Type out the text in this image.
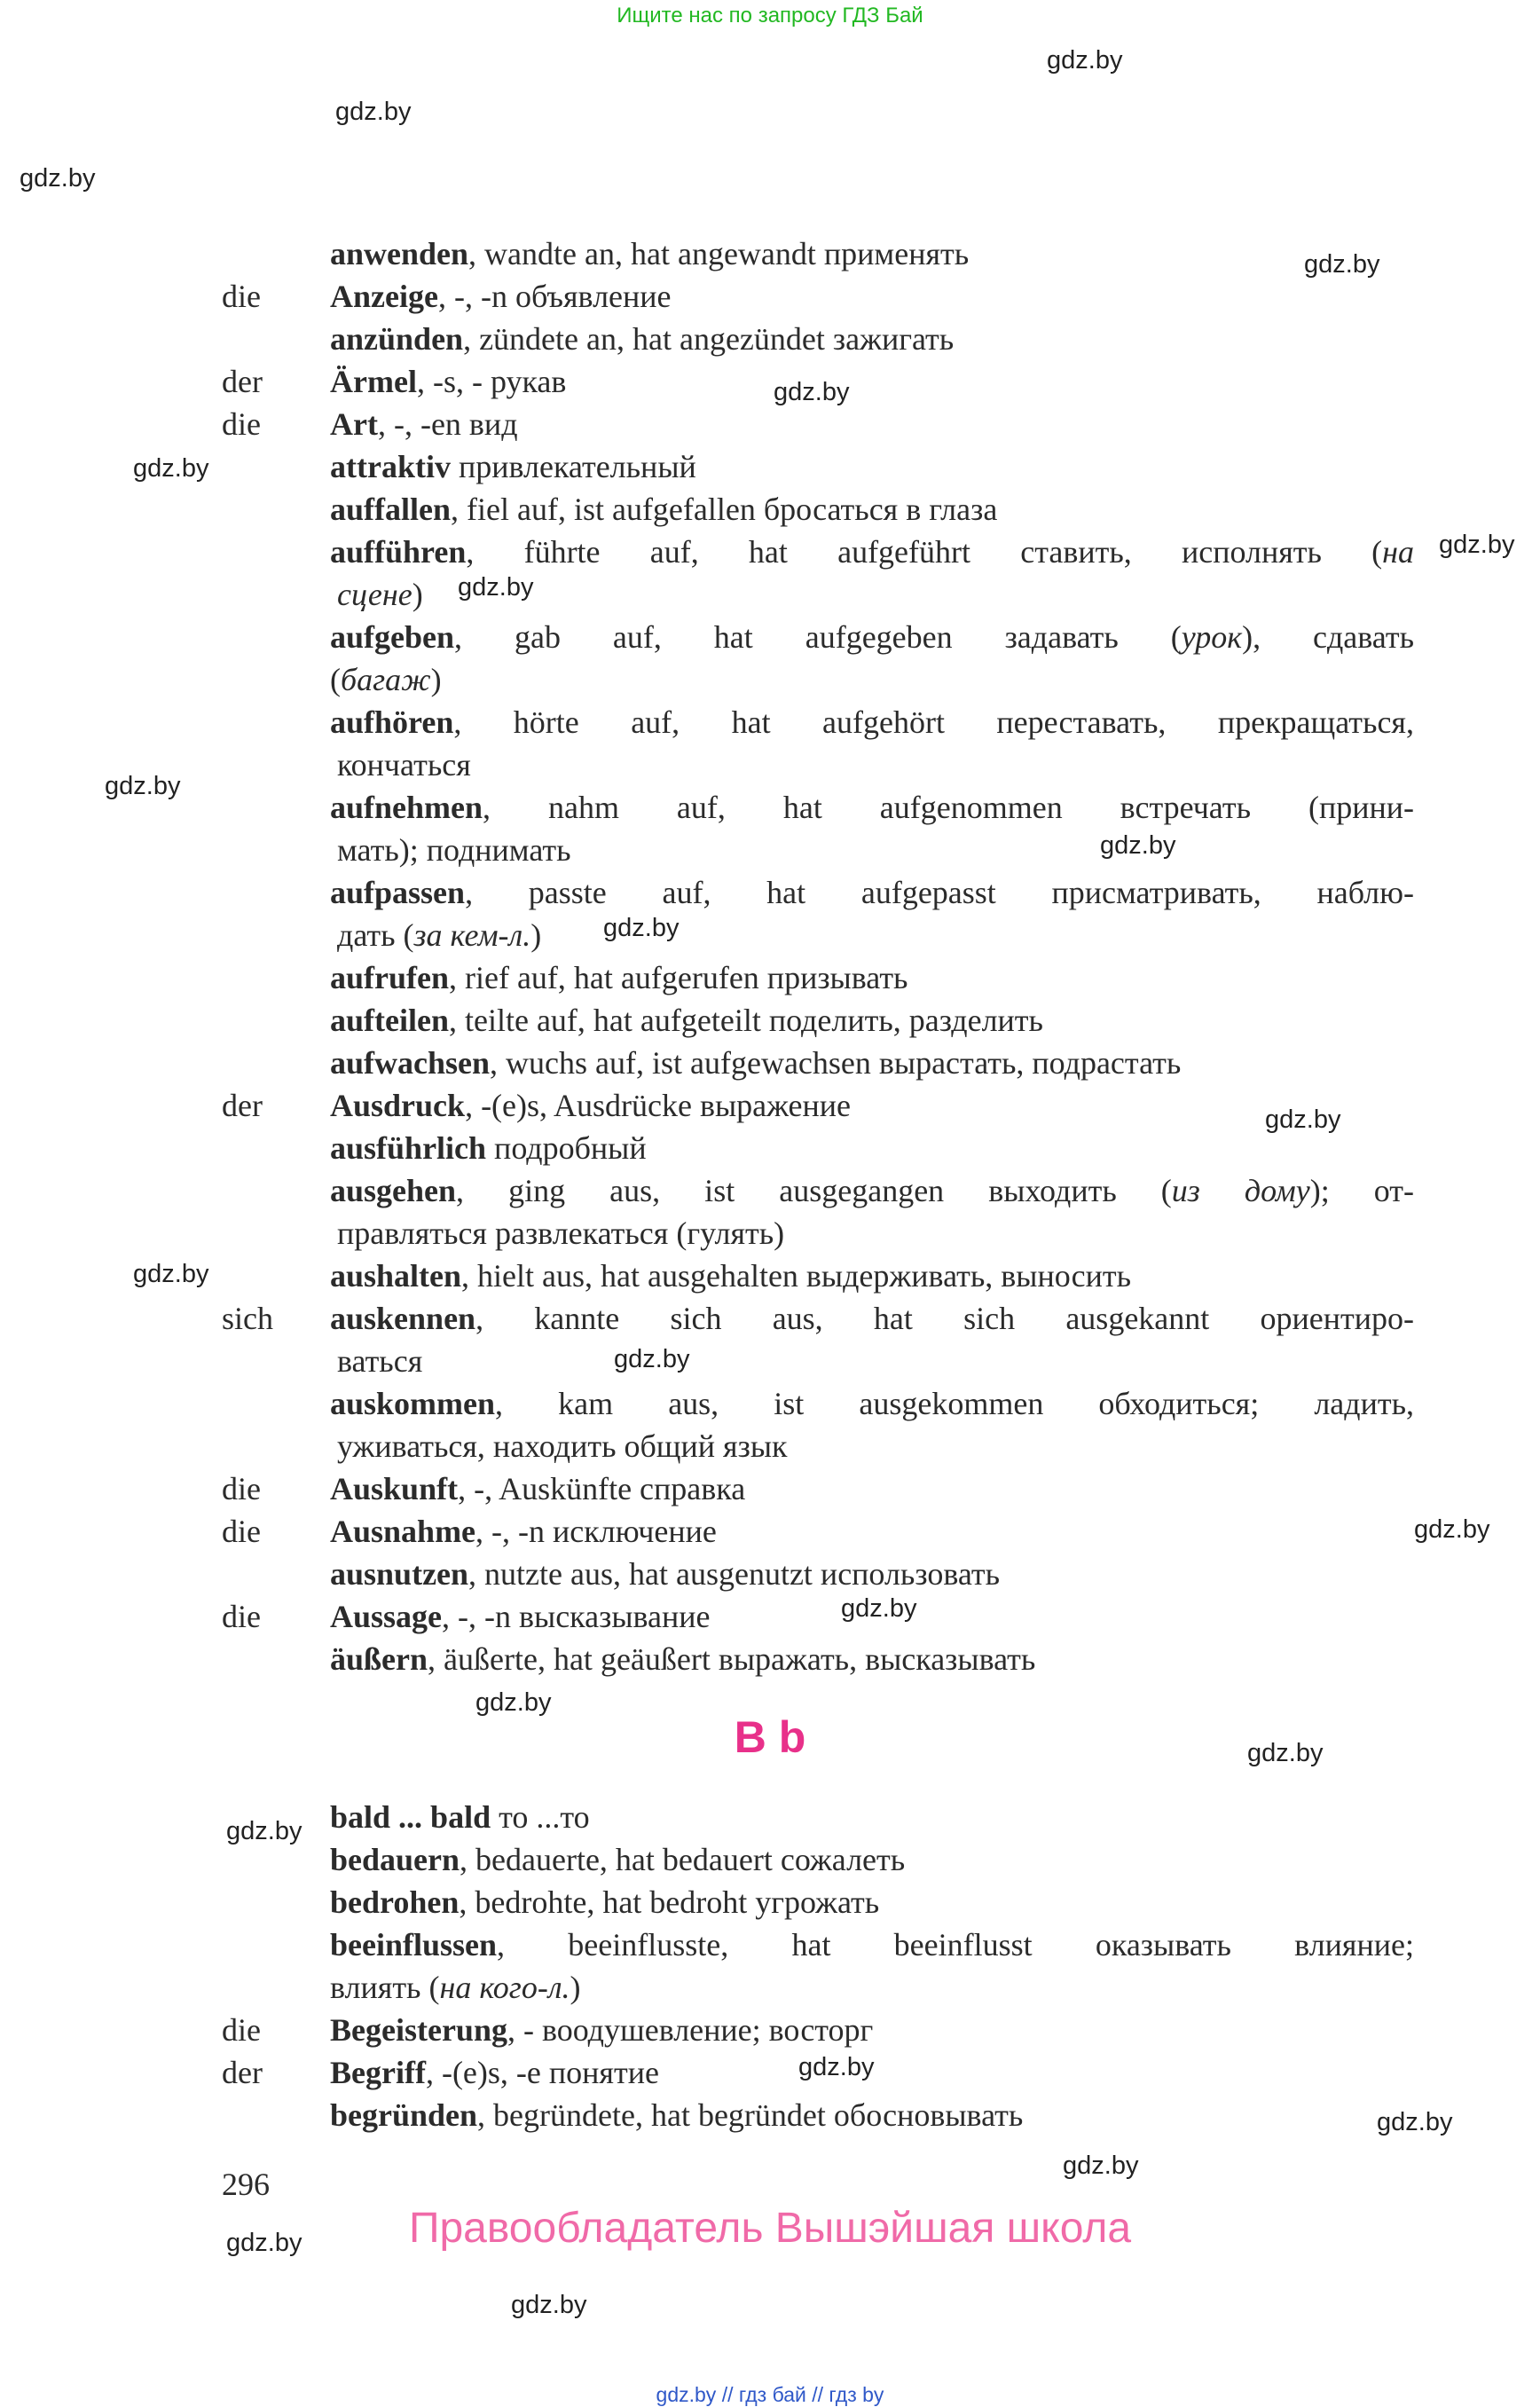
Ищите нас по запросу ГДЗ Бай
gdz.by
gdz.by
gdz.by
gdz.by
gdz.by
gdz.by
gdz.by
gdz.by
gdz.by
gdz.by
gdz.by
gdz.by
gdz.by
gdz.by
gdz.by
gdz.by
gdz.by
gdz.by
gdz.by
gdz.by
gdz.by
gdz.by
gdz.by
gdz.by
anwenden, wandte an, hat angewandt применять
die Anzeige, -, -n объявление
anzünden, zündete an, hat angezündet зажигать
der Ärmel, -s, - рукав
die Art, -, -en вид
attraktiv привлекательный
auffallen, fiel auf, ist aufgefallen бросаться в глаза
aufführen, führte auf, hat aufgeführt ставить, исполнять (на
сцене)
aufgeben, gab auf, hat aufgegeben задавать (урок), сдавать
(багаж)
aufhören, hörte auf, hat aufgehört переставать, прекращаться,
кончаться
aufnehmen, nahm auf, hat aufgenommen встречать (прини-
мать); поднимать
aufpassen, passte auf, hat aufgepasst присматривать, наблю-
дать (за кем-л.)
aufrufen, rief auf, hat aufgerufen призывать
aufteilen, teilte auf, hat aufgeteilt поделить, разделить
aufwachsen, wuchs auf, ist aufgewachsen вырастать, подрастать
der Ausdruck, -(e)s, Ausdrücke выражение
ausführlich подробный
ausgehen, ging aus, ist ausgegangen выходить (из дому); от-
правляться развлекаться (гулять)
aushalten, hielt aus, hat ausgehalten выдерживать, выносить
sich auskennen, kannte sich aus, hat sich ausgekannt ориентиро-
ваться
auskommen, kam aus, ist ausgekommen обходиться; ладить,
уживаться, находить общий язык
die Auskunft, -, Auskünfte справка
die Ausnahme, -, -n исключение
ausnutzen, nutzte aus, hat ausgenutzt использовать
die Aussage, -, -n высказывание
äußern, äußerte, hat geäußert выражать, высказывать
B b
bald ... bald то ...то
bedauern, bedauerte, hat bedauert сожалеть
bedrohen, bedrohte, hat bedroht угрожать
beeinflussen, beeinflusste, hat beeinflusst оказывать влияние;
влиять (на кого-л.)
die Begeisterung, - воодушевление; восторг
der Begriff, -(e)s, -e понятие
begründen, begründete, hat begründet обосновывать
296
Правообладатель Вышэйшая школа
gdz.by // гдз бай // гдз by
